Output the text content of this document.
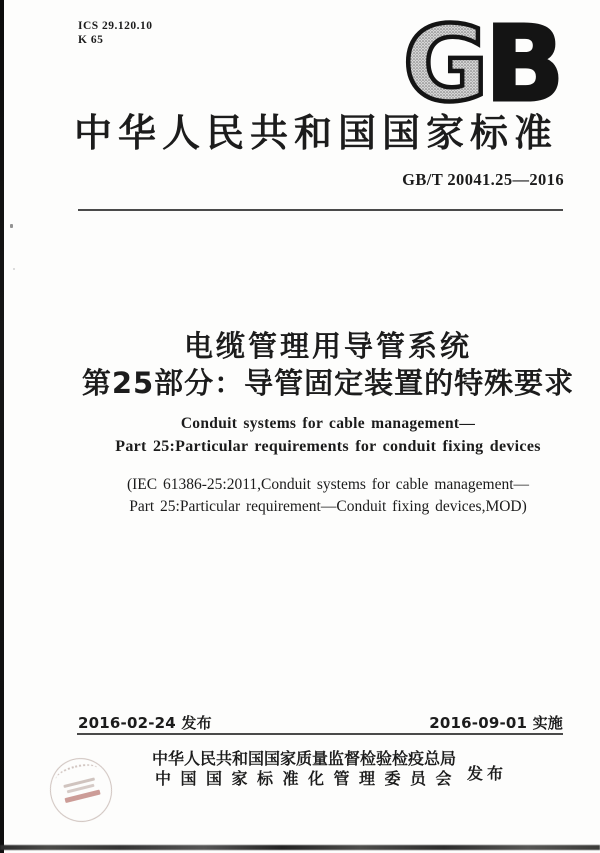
ICS 29.120.10
K 65	G
B
中华人民共和国国家标准
GB/T 20041.25—2016
电缆管理用导管系统
第25部分：导管固定装置的特殊要求
Conduit systems for cable management—
Part 25:Particular requirements for conduit fixing devices
(IEC 61386-25:2011,Conduit systems for cable management—
Part 25:Particular requirement—Conduit fixing devices,MOD)
2016-02-24 发布	2016-09-01 实施
中华人民共和国国家质量监督检验检疫总局
中国国家标准化管理委员会 发 布
